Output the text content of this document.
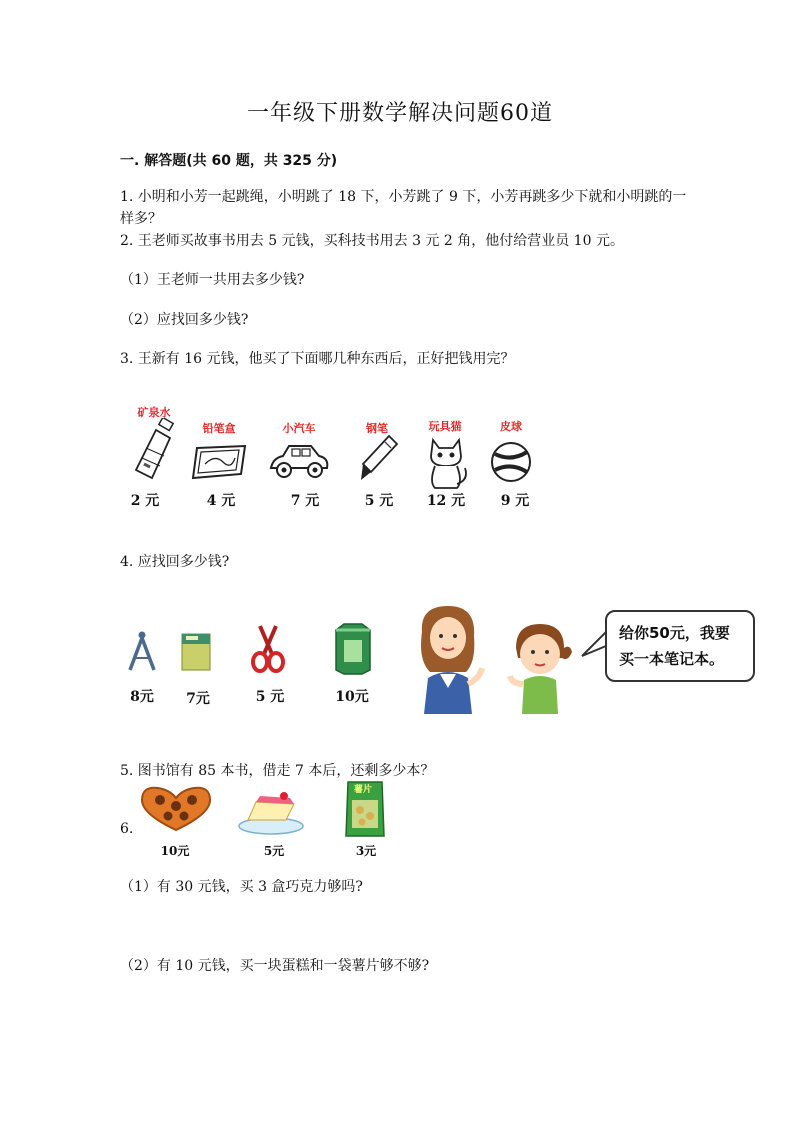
一年级下册数学解决问题60道
一. 解答题(共 60 题，共 325 分)
1. 小明和小芳一起跳绳，小明跳了 18 下，小芳跳了 9 下，小芳再跳多少下就和小明跳的一样多？
2. 王老师买故事书用去 5 元钱，买科技书用去 3 元 2 角，他付给营业员 10 元。
（1）王老师一共用去多少钱?
（2）应找回多少钱?
3. 王新有 16 元钱，他买了下面哪几种东西后，正好把钱用完？
矿泉水
铅笔盒	小汽车	钢笔	玩具猫	皮球
2 元	4 元	7 元	5 元	12 元	9 元
4. 应找回多少钱?
8元	7元	5 元	10元
给你50元，我要
买一本笔记本。
5. 图书馆有 85 本书，借走 7 本后，还剩多少本？
6.
薯片
10元	5元	3元
（1）有 30 元钱，买 3 盒巧克力够吗?
（2）有 10 元钱，买一块蛋糕和一袋薯片够不够?
